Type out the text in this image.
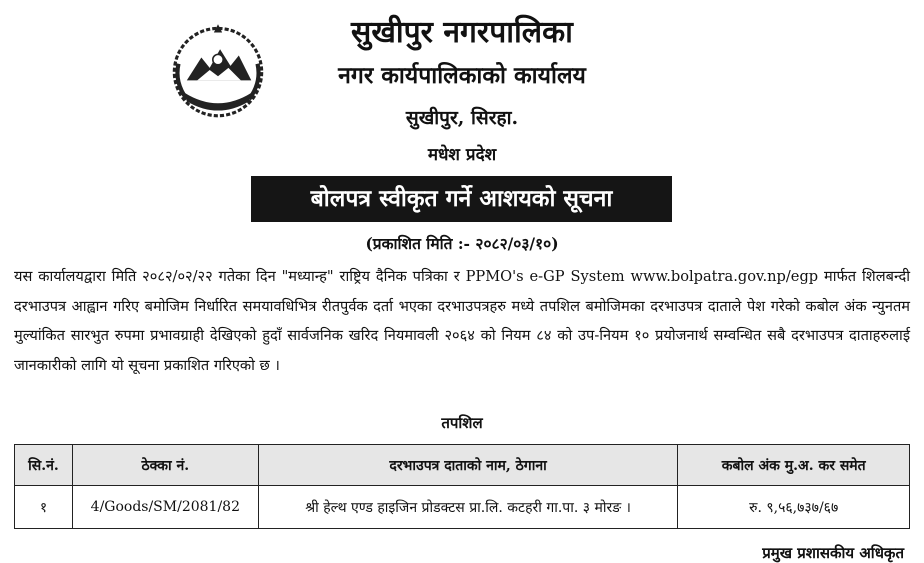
सुखीपुर नगरपालिका
नगर कार्यपालिकाको कार्यालय
सुखीपुर, सिरहा.
मधेश प्रदेश
बोलपत्र स्वीकृत गर्ने आशयको सूचना
(प्रकाशित मिति :- २०८२/०३/१०)

यस कार्यालयद्वारा मिति २०८२/०२/२२ गतेका दिन "मध्यान्ह" राष्ट्रिय दैनिक पत्रिका र PPMO's e-GP System www.bolpatra.gov.np/egp मार्फत शिलबन्दी दरभाउपत्र आह्वान गरिए बमोजिम निर्धारित समयावधिभित्र रीतपुर्वक दर्ता भएका दरभाउपत्रहरु मध्ये तपशिल बमोजिमका दरभाउपत्र दाताले पेश गरेको कबोल अंक न्युनतम मुल्यांकित सारभुत रुपमा प्रभावग्राही देखिएको हुदाँ सार्वजनिक खरिद नियमावली २०६४ को नियम ८४ को उप-नियम १० प्रयोजनार्थ सम्वन्धित सबै दरभाउपत्र दाताहरुलाई जानकारीको लागि यो सूचना प्रकाशित गरिएको छ ।

तपशिल
सि.नं.	ठेक्का नं.	दरभाउपत्र दाताको नाम, ठेगाना	कबोल अंक मु.अ. कर समेत
१	4/Goods/SM/2081/82	श्री हेल्थ एण्ड हाइजिन प्रोडक्टस प्रा.लि. कटहरी गा.पा. ३ मोरङ ।	रु. ९,५६,७३७/६७
प्रमुख प्रशासकीय अधिकृत
